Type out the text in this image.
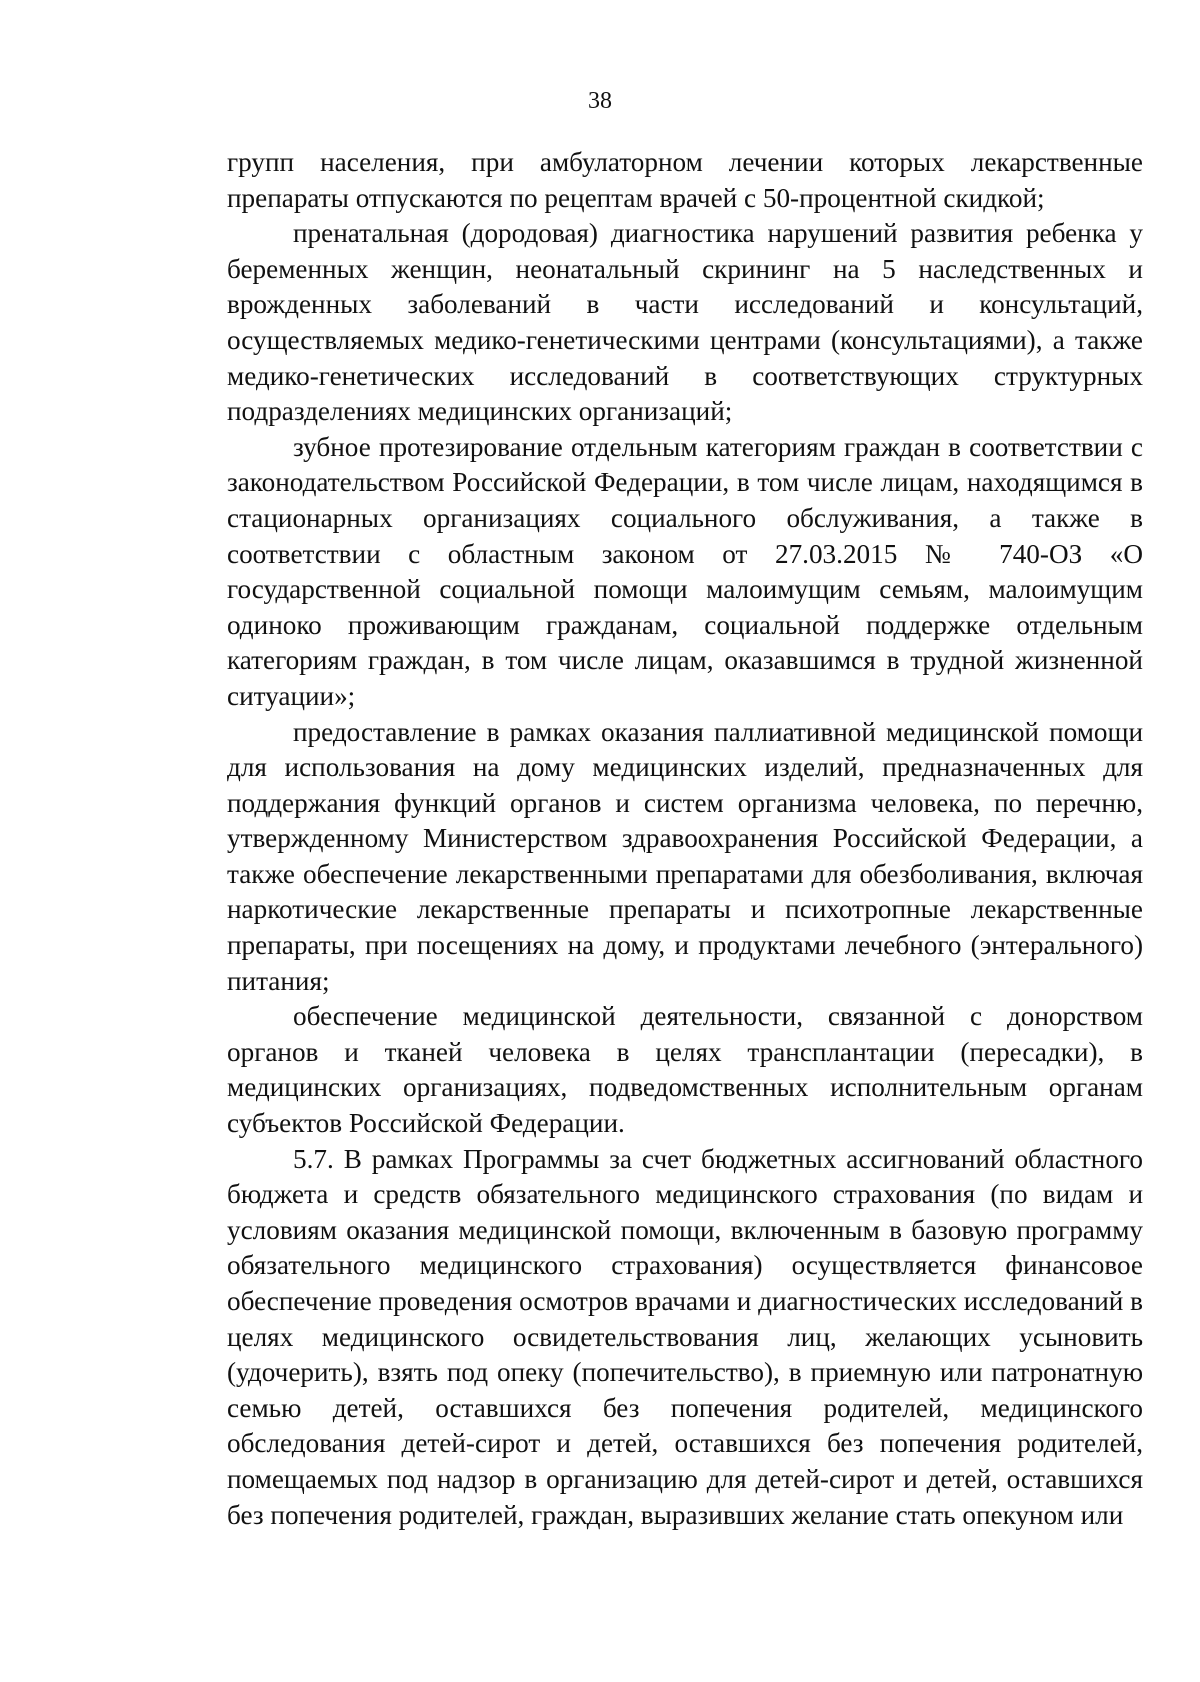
38

групп населения, при амбулаторном лечении которых лекарственные препараты отпускаются по рецептам врачей с 50-процентной скидкой;

пренатальная (дородовая) диагностика нарушений развития ребенка у беременных женщин, неонатальный скрининг на 5 наследственных и врожденных заболеваний в части исследований и консультаций, осуществляемых медико-генетическими центрами (консультациями), а также медико-генетических исследований в соответствующих структурных подразделениях медицинских организаций;

зубное протезирование отдельным категориям граждан в соответствии с законодательством Российской Федерации, в том числе лицам, находящимся в стационарных организациях социального обслуживания, а также в соответствии с областным законом от 27.03.2015 № 740-ОЗ «О государственной социальной помощи малоимущим семьям, малоимущим одиноко проживающим гражданам, социальной поддержке отдельным категориям граждан, в том числе лицам, оказавшимся в трудной жизненной ситуации»;

предоставление в рамках оказания паллиативной медицинской помощи для использования на дому медицинских изделий, предназначенных для поддержания функций органов и систем организма человека, по перечню, утвержденному Министерством здравоохранения Российской Федерации, а также обеспечение лекарственными препаратами для обезболивания, включая наркотические лекарственные препараты и психотропные лекарственные препараты, при посещениях на дому, и продуктами лечебного (энтерального) питания;

обеспечение медицинской деятельности, связанной с донорством органов и тканей человека в целях трансплантации (пересадки), в медицинских организациях, подведомственных исполнительным органам субъектов Российской Федерации.

5.7. В рамках Программы за счет бюджетных ассигнований областного бюджета и средств обязательного медицинского страхования (по видам и условиям оказания медицинской помощи, включенным в базовую программу обязательного медицинского страхования) осуществляется финансовое обеспечение проведения осмотров врачами и диагностических исследований в целях медицинского освидетельствования лиц, желающих усыновить (удочерить), взять под опеку (попечительство), в приемную или патронатную семью детей, оставшихся без попечения родителей, медицинского обследования детей-сирот и детей, оставшихся без попечения родителей, помещаемых под надзор в организацию для детей-сирот и детей, оставшихся без попечения родителей, граждан, выразивших желание стать опекуном или
